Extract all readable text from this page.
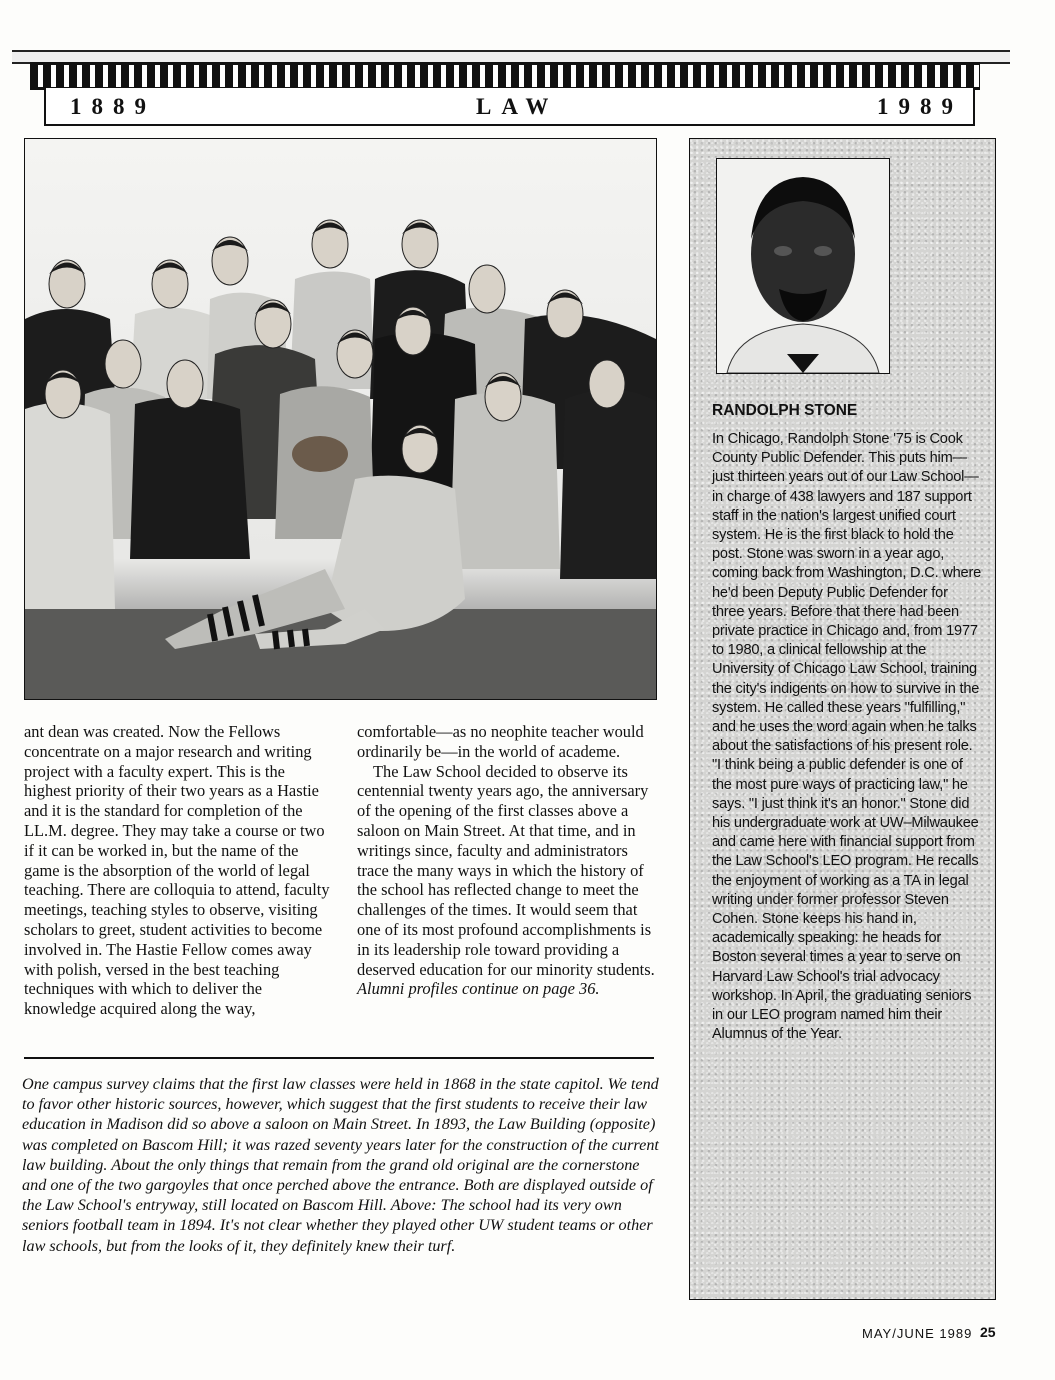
1889	LAW	1989

ant dean was created. Now the Fellows concentrate on a major research and writing project with a faculty expert. This is the highest priority of their two years as a Hastie and it is the standard for completion of the LL.M. degree. They may take a course or two if it can be worked in, but the name of the game is the absorption of the world of legal teaching. There are colloquia to attend, faculty meetings, teaching styles to observe, visiting scholars to greet, student activities to become involved in. The Hastie Fellow comes away with polish, versed in the best teaching techniques with which to deliver the knowledge acquired along the way,

comfortable—as no neophite teacher would ordinarily be—in the world of academe.

The Law School decided to observe its centennial twenty years ago, the anniversary of the opening of the first classes above a saloon on Main Street. At that time, and in writings since, faculty and administrators trace the many ways in which the history of the school has reflected change to meet the challenges of the times. It would seem that one of its most profound accomplishments is in its leadership role toward providing a deserved education for our minority students.

Alumni profiles continue on page 36.

One campus survey claims that the first law classes were held in 1868 in the state capitol. We tend to favor other historic sources, however, which suggest that the first students to receive their law education in Madison did so above a saloon on Main Street. In 1893, the Law Building (opposite) was completed on Bascom Hill; it was razed seventy years later for the construction of the current law building. About the only things that remain from the grand old original are the cornerstone and one of the two gargoyles that once perched above the entrance. Both are displayed outside of the Law School's entryway, still located on Bascom Hill. Above: The school had its very own seniors football team in 1894. It's not clear whether they played other UW student teams or other law schools, but from the looks of it, they definitely knew their turf.

RANDOLPH STONE

In Chicago, Randolph Stone '75 is Cook County Public Defender. This puts him—just thirteen years out of our Law School—in charge of 438 lawyers and 187 support staff in the nation's largest unified court system. He is the first black to hold the post. Stone was sworn in a year ago, coming back from Washington, D.C. where he'd been Deputy Public Defender for three years. Before that there had been private practice in Chicago and, from 1977 to 1980, a clinical fellowship at the University of Chicago Law School, training the city's indigents on how to survive in the system. He called these years "fulfilling," and he uses the word again when he talks about the satisfactions of his present role. "I think being a public defender is one of the most pure ways of practicing law," he says. "I just think it's an honor." Stone did his undergraduate work at UW–Milwaukee and came here with financial support from the Law School's LEO program. He recalls the enjoyment of working as a TA in legal writing under former professor Steven Cohen. Stone keeps his hand in, academically speaking: he heads for Boston several times a year to serve on Harvard Law School's trial advocacy workshop. In April, the graduating seniors in our LEO program named him their Alumnus of the Year.

MAY/JUNE 1989 25
